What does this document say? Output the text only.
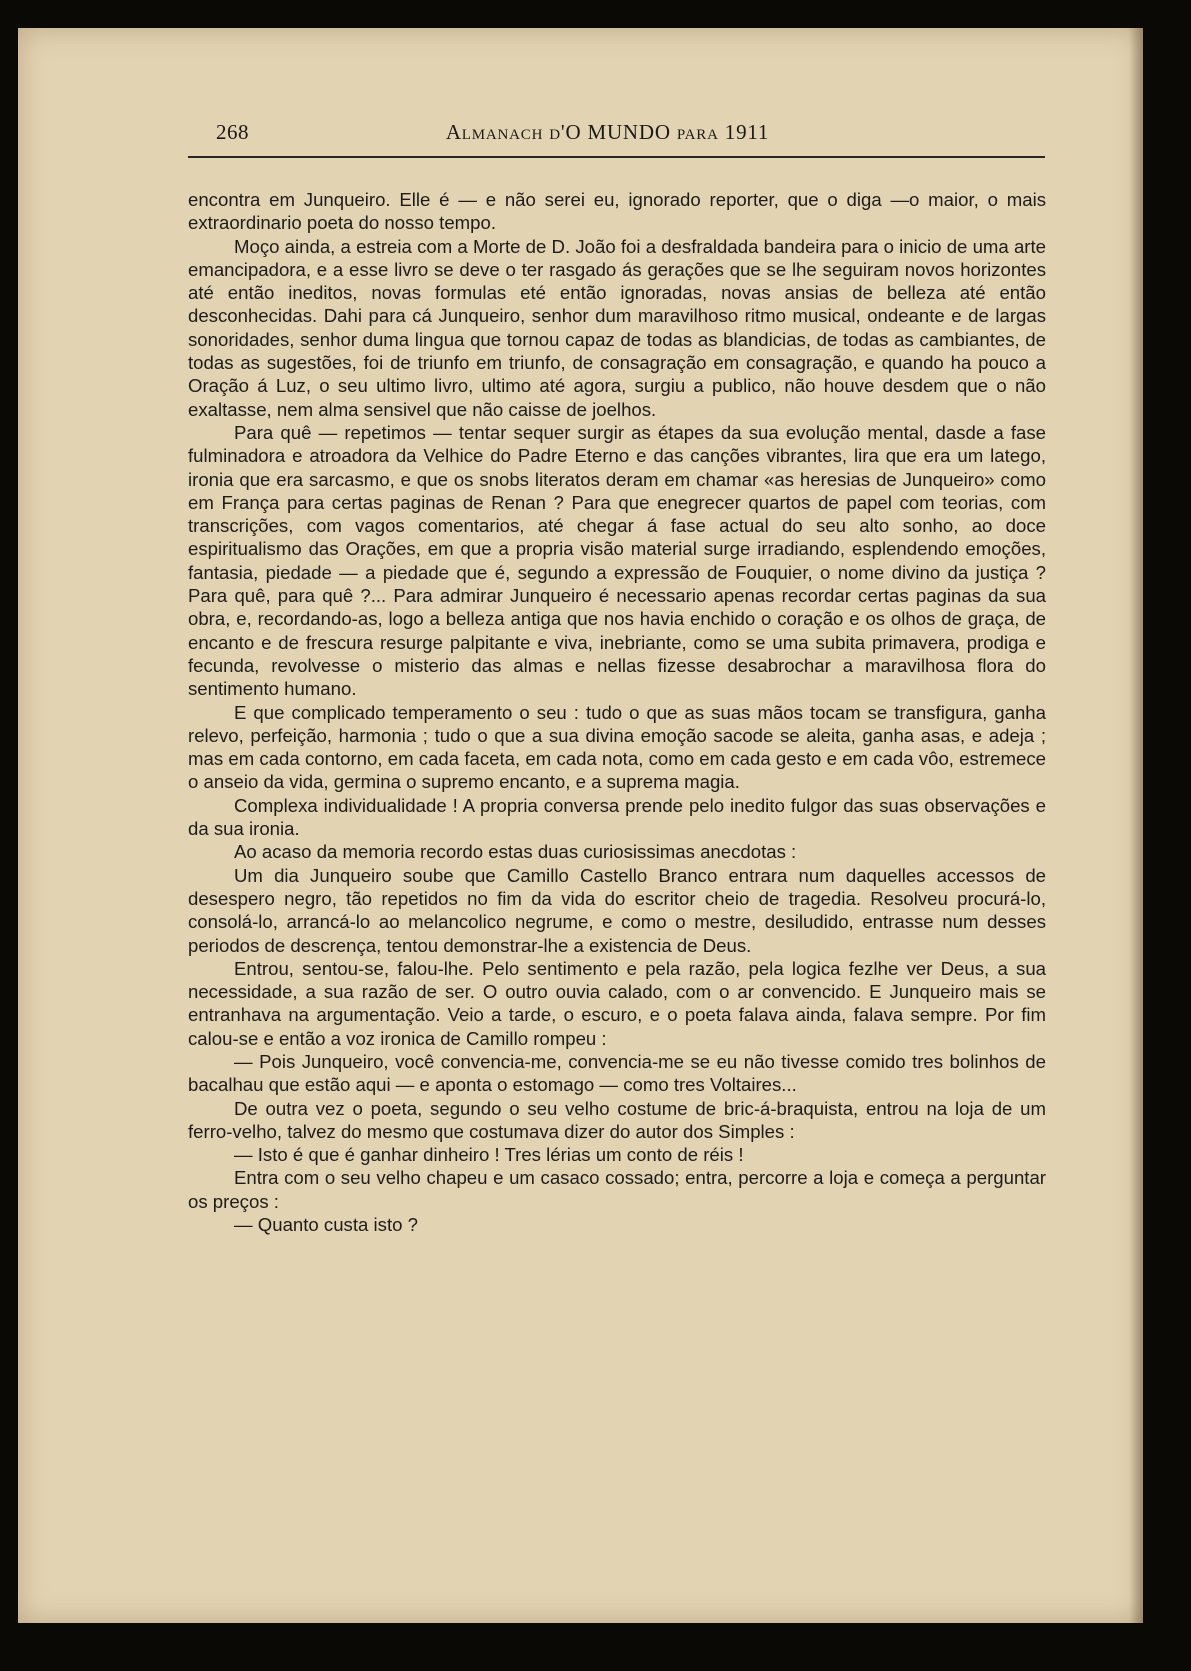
268	Almanach d'O MUNDO para 1911

encontra em Junqueiro. Elle é — e não serei eu, ignorado reporter, que o diga —o maior, o mais extraordinario poeta do nosso tempo.

Moço ainda, a estreia com a Morte de D. João foi a desfraldada bandeira para o inicio de uma arte emancipadora, e a esse livro se deve o ter rasgado ás gerações que se lhe seguiram novos horizontes até então ineditos, novas formulas eté então ignoradas, novas ansias de belleza até então desconhecidas. Dahi para cá Junqueiro, senhor dum maravilhoso ritmo musical, ondeante e de largas sonoridades, senhor duma lingua que tornou capaz de todas as blandicias, de todas as cambiantes, de todas as sugestões, foi de triunfo em triunfo, de consagração em consagração, e quando ha pouco a Oração á Luz, o seu ultimo livro, ultimo até agora, surgiu a publico, não houve desdem que o não exaltasse, nem alma sensivel que não caisse de joelhos.

Para quê — repetimos — tentar sequer surgir as étapes da sua evolução mental, dasde a fase fulminadora e atroadora da Velhice do Padre Eterno e das canções vibrantes, lira que era um latego, ironia que era sarcasmo, e que os snobs literatos deram em chamar «as heresias de Junqueiro» como em França para certas paginas de Renan ? Para que enegrecer quartos de papel com teorias, com transcrições, com vagos comentarios, até chegar á fase actual do seu alto sonho, ao doce espiritualismo das Orações, em que a propria visão material surge irradiando, esplendendo emoções, fantasia, piedade — a piedade que é, segundo a expressão de Fouquier, o nome divino da justiça ? Para quê, para quê ?... Para admirar Junqueiro é necessario apenas recordar certas paginas da sua obra, e, recordando-as, logo a belleza antiga que nos havia enchido o coração e os olhos de graça, de encanto e de frescura resurge palpitante e viva, inebriante, como se uma subita primavera, prodiga e fecunda, revolvesse o misterio das almas e nellas fizesse desabrochar a maravilhosa flora do sentimento humano.

E que complicado temperamento o seu : tudo o que as suas mãos tocam se transfigura, ganha relevo, perfeição, harmonia ; tudo o que a sua divina emoção sacode se aleita, ganha asas, e adeja ; mas em cada contorno, em cada faceta, em cada nota, como em cada gesto e em cada vôo, estremece o anseio da vida, germina o supremo encanto, e a suprema magia.

Complexa individualidade ! A propria conversa prende pelo inedito fulgor das suas observações e da sua ironia.

Ao acaso da memoria recordo estas duas curiosissimas anecdotas :

Um dia Junqueiro soube que Camillo Castello Branco entrara num daquelles accessos de desespero negro, tão repetidos no fim da vida do escritor cheio de tragedia. Resolveu procurá-lo, consolá-lo, arrancá-lo ao melancolico negrume, e como o mestre, desiludido, entrasse num desses periodos de descrença, tentou demonstrar-lhe a existencia de Deus.

Entrou, sentou-se, falou-lhe. Pelo sentimento e pela razão, pela logica fezlhe ver Deus, a sua necessidade, a sua razão de ser. O outro ouvia calado, com o ar convencido. E Junqueiro mais se entranhava na argumentação. Veio a tarde, o escuro, e o poeta falava ainda, falava sempre. Por fim calou-se e então a voz ironica de Camillo rompeu :

— Pois Junqueiro, você convencia-me, convencia-me se eu não tivesse comido tres bolinhos de bacalhau que estão aqui — e aponta o estomago — como tres Voltaires...

De outra vez o poeta, segundo o seu velho costume de bric-á-braquista, entrou na loja de um ferro-velho, talvez do mesmo que costumava dizer do autor dos Simples :

— Isto é que é ganhar dinheiro ! Tres lérias um conto de réis !

Entra com o seu velho chapeu e um casaco cossado; entra, percorre a loja e começa a perguntar os preços :

— Quanto custa isto ?
